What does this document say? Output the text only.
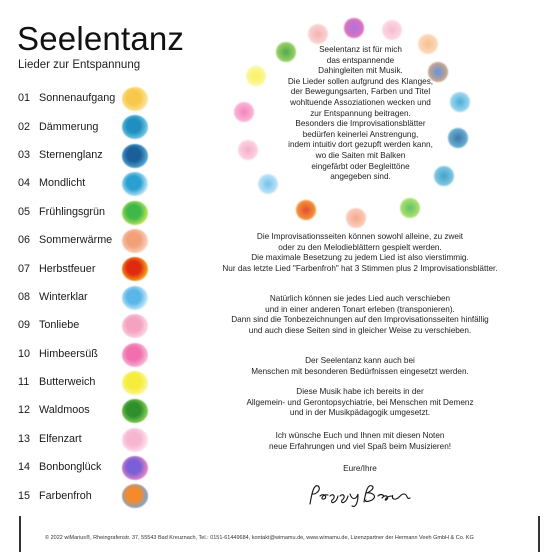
Seelentanz
Lieder zur Entspannung
01 Sonnenaufgang
02 Dämmerung
03 Sternenglanz
04 Mondlicht
05 Frühlingsgrün
06 Sommerwärme
07 Herbstfeuer
08 Winterklar
09 Tonliebe
10 Himbeersüß
11 Butterweich
12 Waldmoos
13 Elfenzart
14 Bonbonglück
15 Farbenfroh

Seelentanz ist für mich

das entspannende

Dahingleiten mit Musik.

Die Lieder sollen aufgrund des Klanges,

der Bewegungsarten, Farben und Titel

wohltuende Assoziationen wecken und

zur Entspannung beitragen.

Besonders die Improvisationsblätter

bedürfen keinerlei Anstrengung,

indem intuitiv dort gezupft werden kann,

wo die Saiten mit Balken

eingefärbt oder Begleittöne

angegeben sind.

Die Improvisationsseiten können sowohl alleine, zu zweit

oder zu den Melodieblättern gespielt werden.

Die maximale Besetzung zu jedem Lied ist also vierstimmig.

Nur das letzte Lied "Farbenfroh" hat 3 Stimmen plus 2 Improvisationsblätter.

Natürlich können sie jedes Lied auch verschieben

und in einer anderen Tonart erleben (transponieren).

Dann sind die Tonbezeichnungen auf den Improvisationsseiten hinfällig

und auch diese Seiten sind in gleicher Weise zu verschieben.

Der Seelentanz kann auch bei

Menschen mit besonderen Bedürfnissen eingesetzt werden.

Diese Musik habe ich bereits in der

Allgemein- und Gerontopsychiatrie, bei Menschen mit Demenz

und in der Musikpädagogik umgesetzt.

Ich wünsche Euch und Ihnen mit diesen Noten

neue Erfahrungen und viel Spaß beim Musizieren!

Eure/Ihre

© 2022 wiMarius®, Rheingrafenstr. 37, 55543 Bad Kreuznach, Tel.: 0151-61449684, kontakt@wimamu.de, www.wimamu.de, Lizenzpartner der Hermann Veeh GmbH & Co. KG
